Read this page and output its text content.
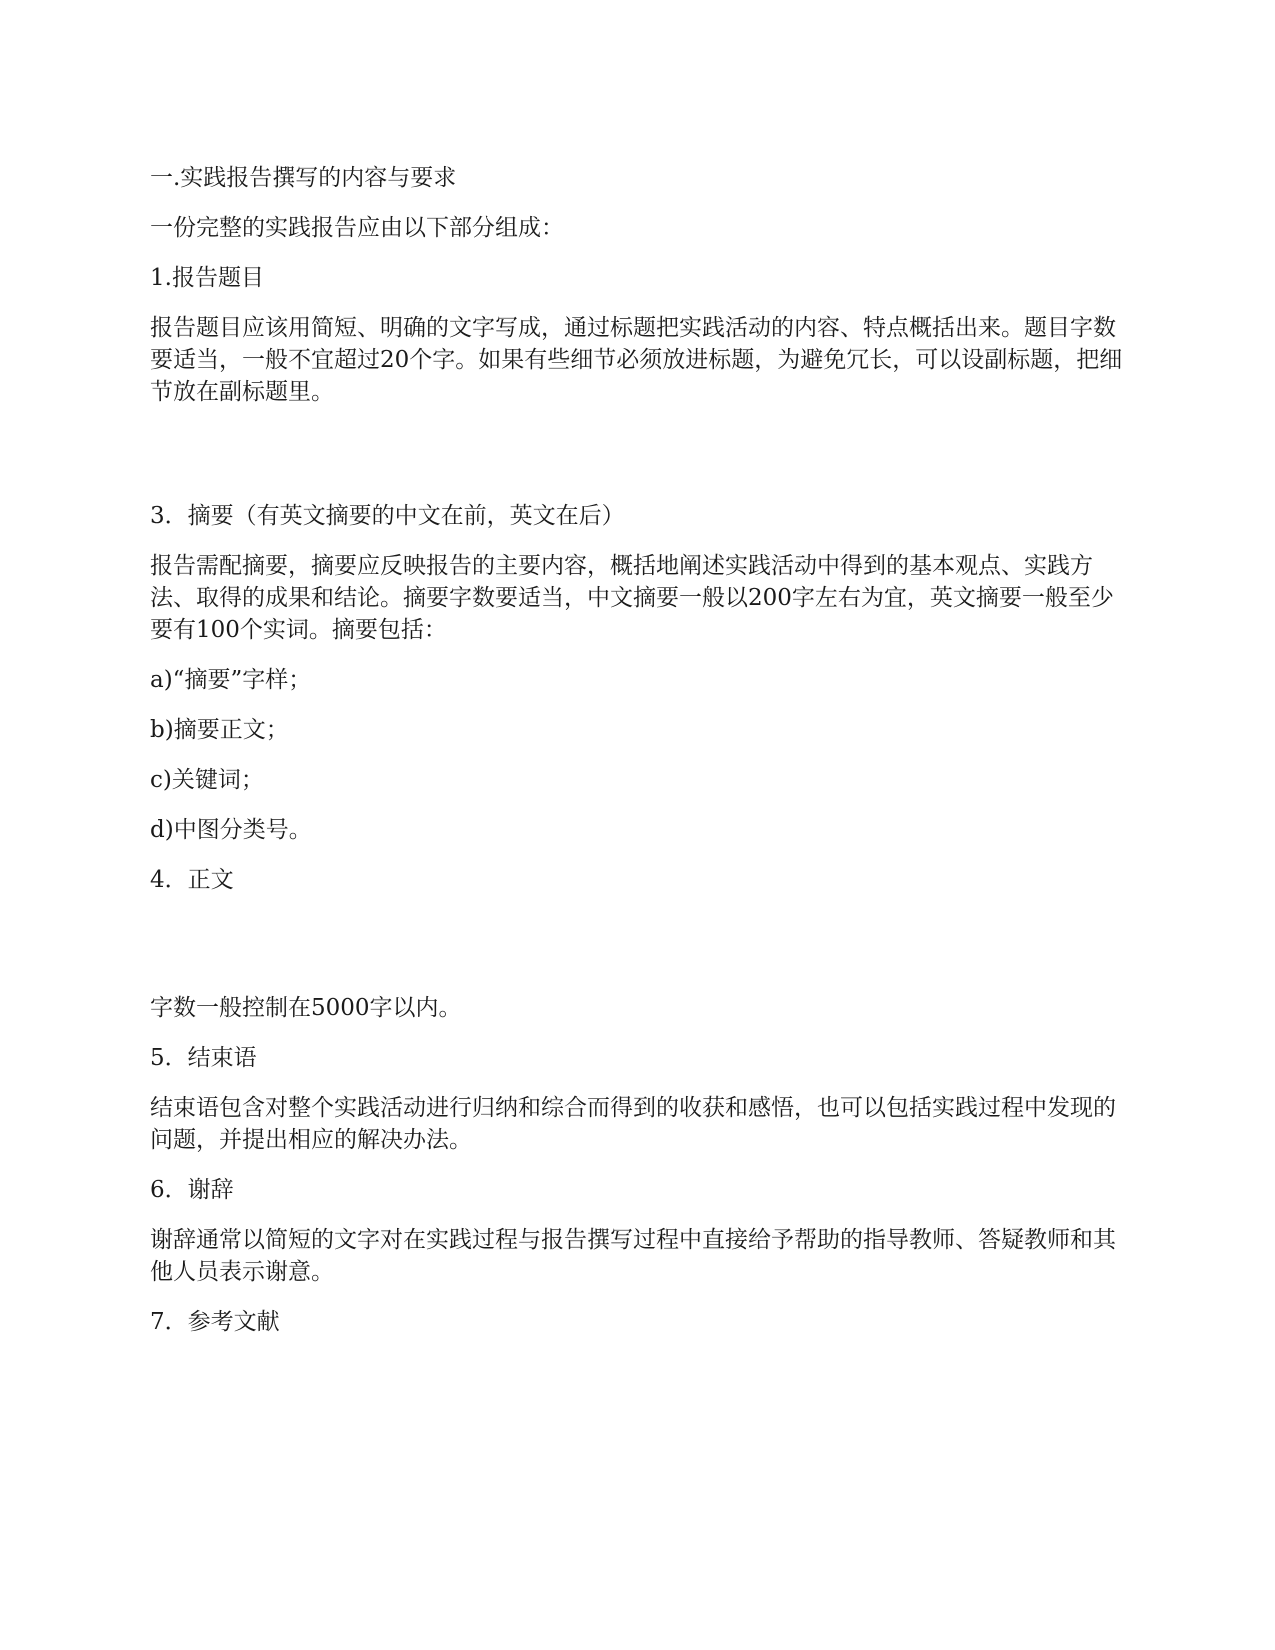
一.实践报告撰写的内容与要求

一份完整的实践报告应由以下部分组成：

1.报告题目

报告题目应该用简短、明确的文字写成，通过标题把实践活动的内容、特点概括出来。题目字数要适当，一般不宜超过20个字。如果有些细节必须放进标题，为避免冗长，可以设副标题，把细节放在副标题里。

3．摘要（有英文摘要的中文在前，英文在后）

报告需配摘要，摘要应反映报告的主要内容，概括地阐述实践活动中得到的基本观点、实践方法、取得的成果和结论。摘要字数要适当，中文摘要一般以200字左右为宜，英文摘要一般至少要有100个实词。摘要包括：

a)“摘要”字样；

b)摘要正文；

c)关键词；

d)中图分类号。

4．正文

字数一般控制在5000字以内。

5．结束语

结束语包含对整个实践活动进行归纳和综合而得到的收获和感悟，也可以包括实践过程中发现的问题，并提出相应的解决办法。

6．谢辞

谢辞通常以简短的文字对在实践过程与报告撰写过程中直接给予帮助的指导教师、答疑教师和其他人员表示谢意。

7．参考文献
